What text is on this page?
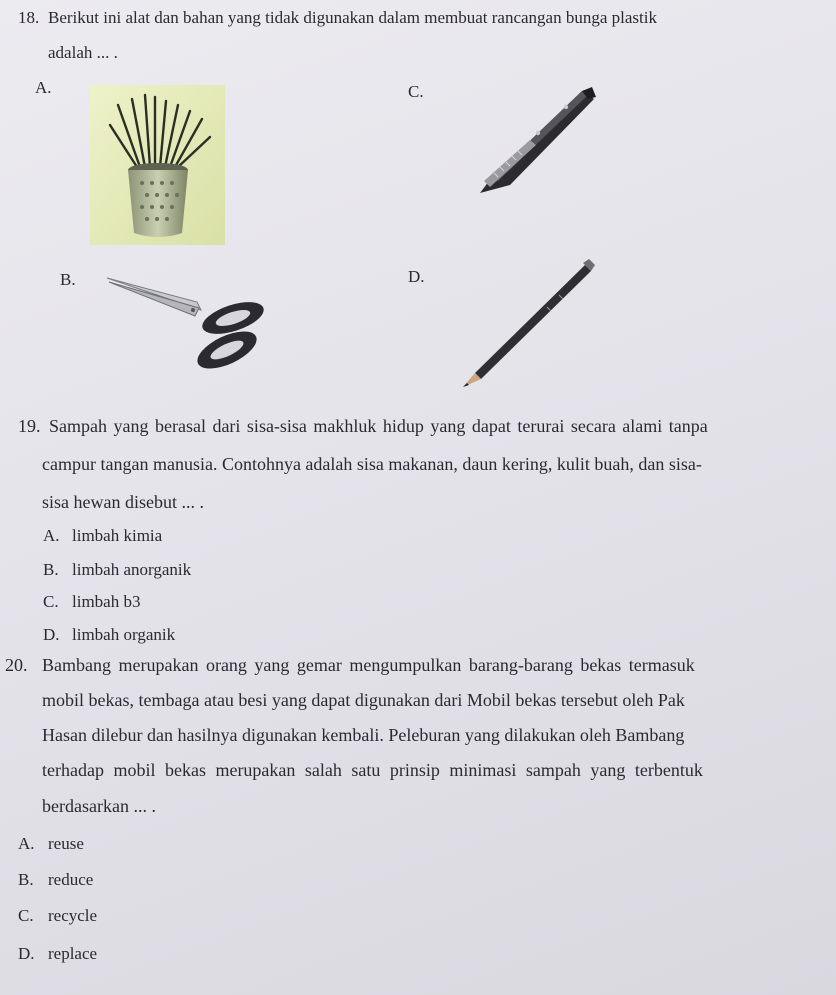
18. Berikut ini alat dan bahan yang tidak digunakan dalam membuat rancangan bunga plastik
adalah ... .
A.	C.
B.	D.
19. Sampah yang berasal dari sisa-sisa makhluk hidup yang dapat terurai secara alami tanpa
campur tangan manusia. Contohnya adalah sisa makanan, daun kering, kulit buah, dan sisa-
sisa hewan disebut ... .
A. limbah kimia
B. limbah anorganik
C. limbah b3
D. limbah organik
20. Bambang merupakan orang yang gemar mengumpulkan barang-barang bekas termasuk
mobil bekas, tembaga atau besi yang dapat digunakan dari Mobil bekas tersebut oleh Pak
Hasan dilebur dan hasilnya digunakan kembali. Peleburan yang dilakukan oleh Bambang
terhadap mobil bekas merupakan salah satu prinsip minimasi sampah yang terbentuk
berdasarkan ... .
A. reuse
B. reduce
C. recycle
D. replace
